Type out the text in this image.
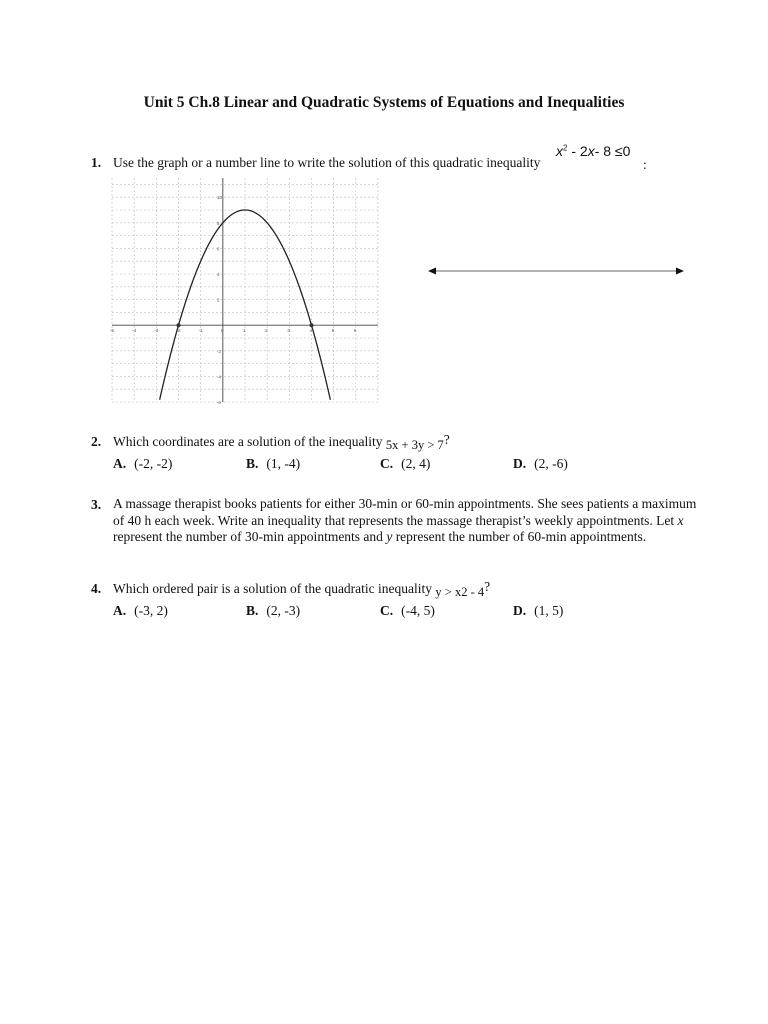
Unit 5 Ch.8 Linear and Quadratic Systems of Equations and Inequalities
1. Use the graph or a number line to write the solution of this quadratic inequality
$x^2 - 2x-$ 8 ≤0
:
-5	-4	-3	-2	-1	0	1	2	3	4	5	6
10
8
6
4
2
-2
-4
-6
2. Which coordinates are a solution of the inequality 5x + 3y > 7?
A. (-2, -2)	B. (1, -4)	C. (2, 4)	D. (2, -6)
3. A massage therapist books patients for either 30-min or 60-min appointments. She sees patients a maximum
of 40 h each week. Write an inequality that represents the massage therapist’s weekly appointments. Let x
represent the number of 30-min appointments and y represent the number of 60-min appointments.
4. Which ordered pair is a solution of the quadratic inequality y > x2 - 4?
A. (-3, 2)	B. (2, -3)	C. (-4, 5)	D. (1, 5)
